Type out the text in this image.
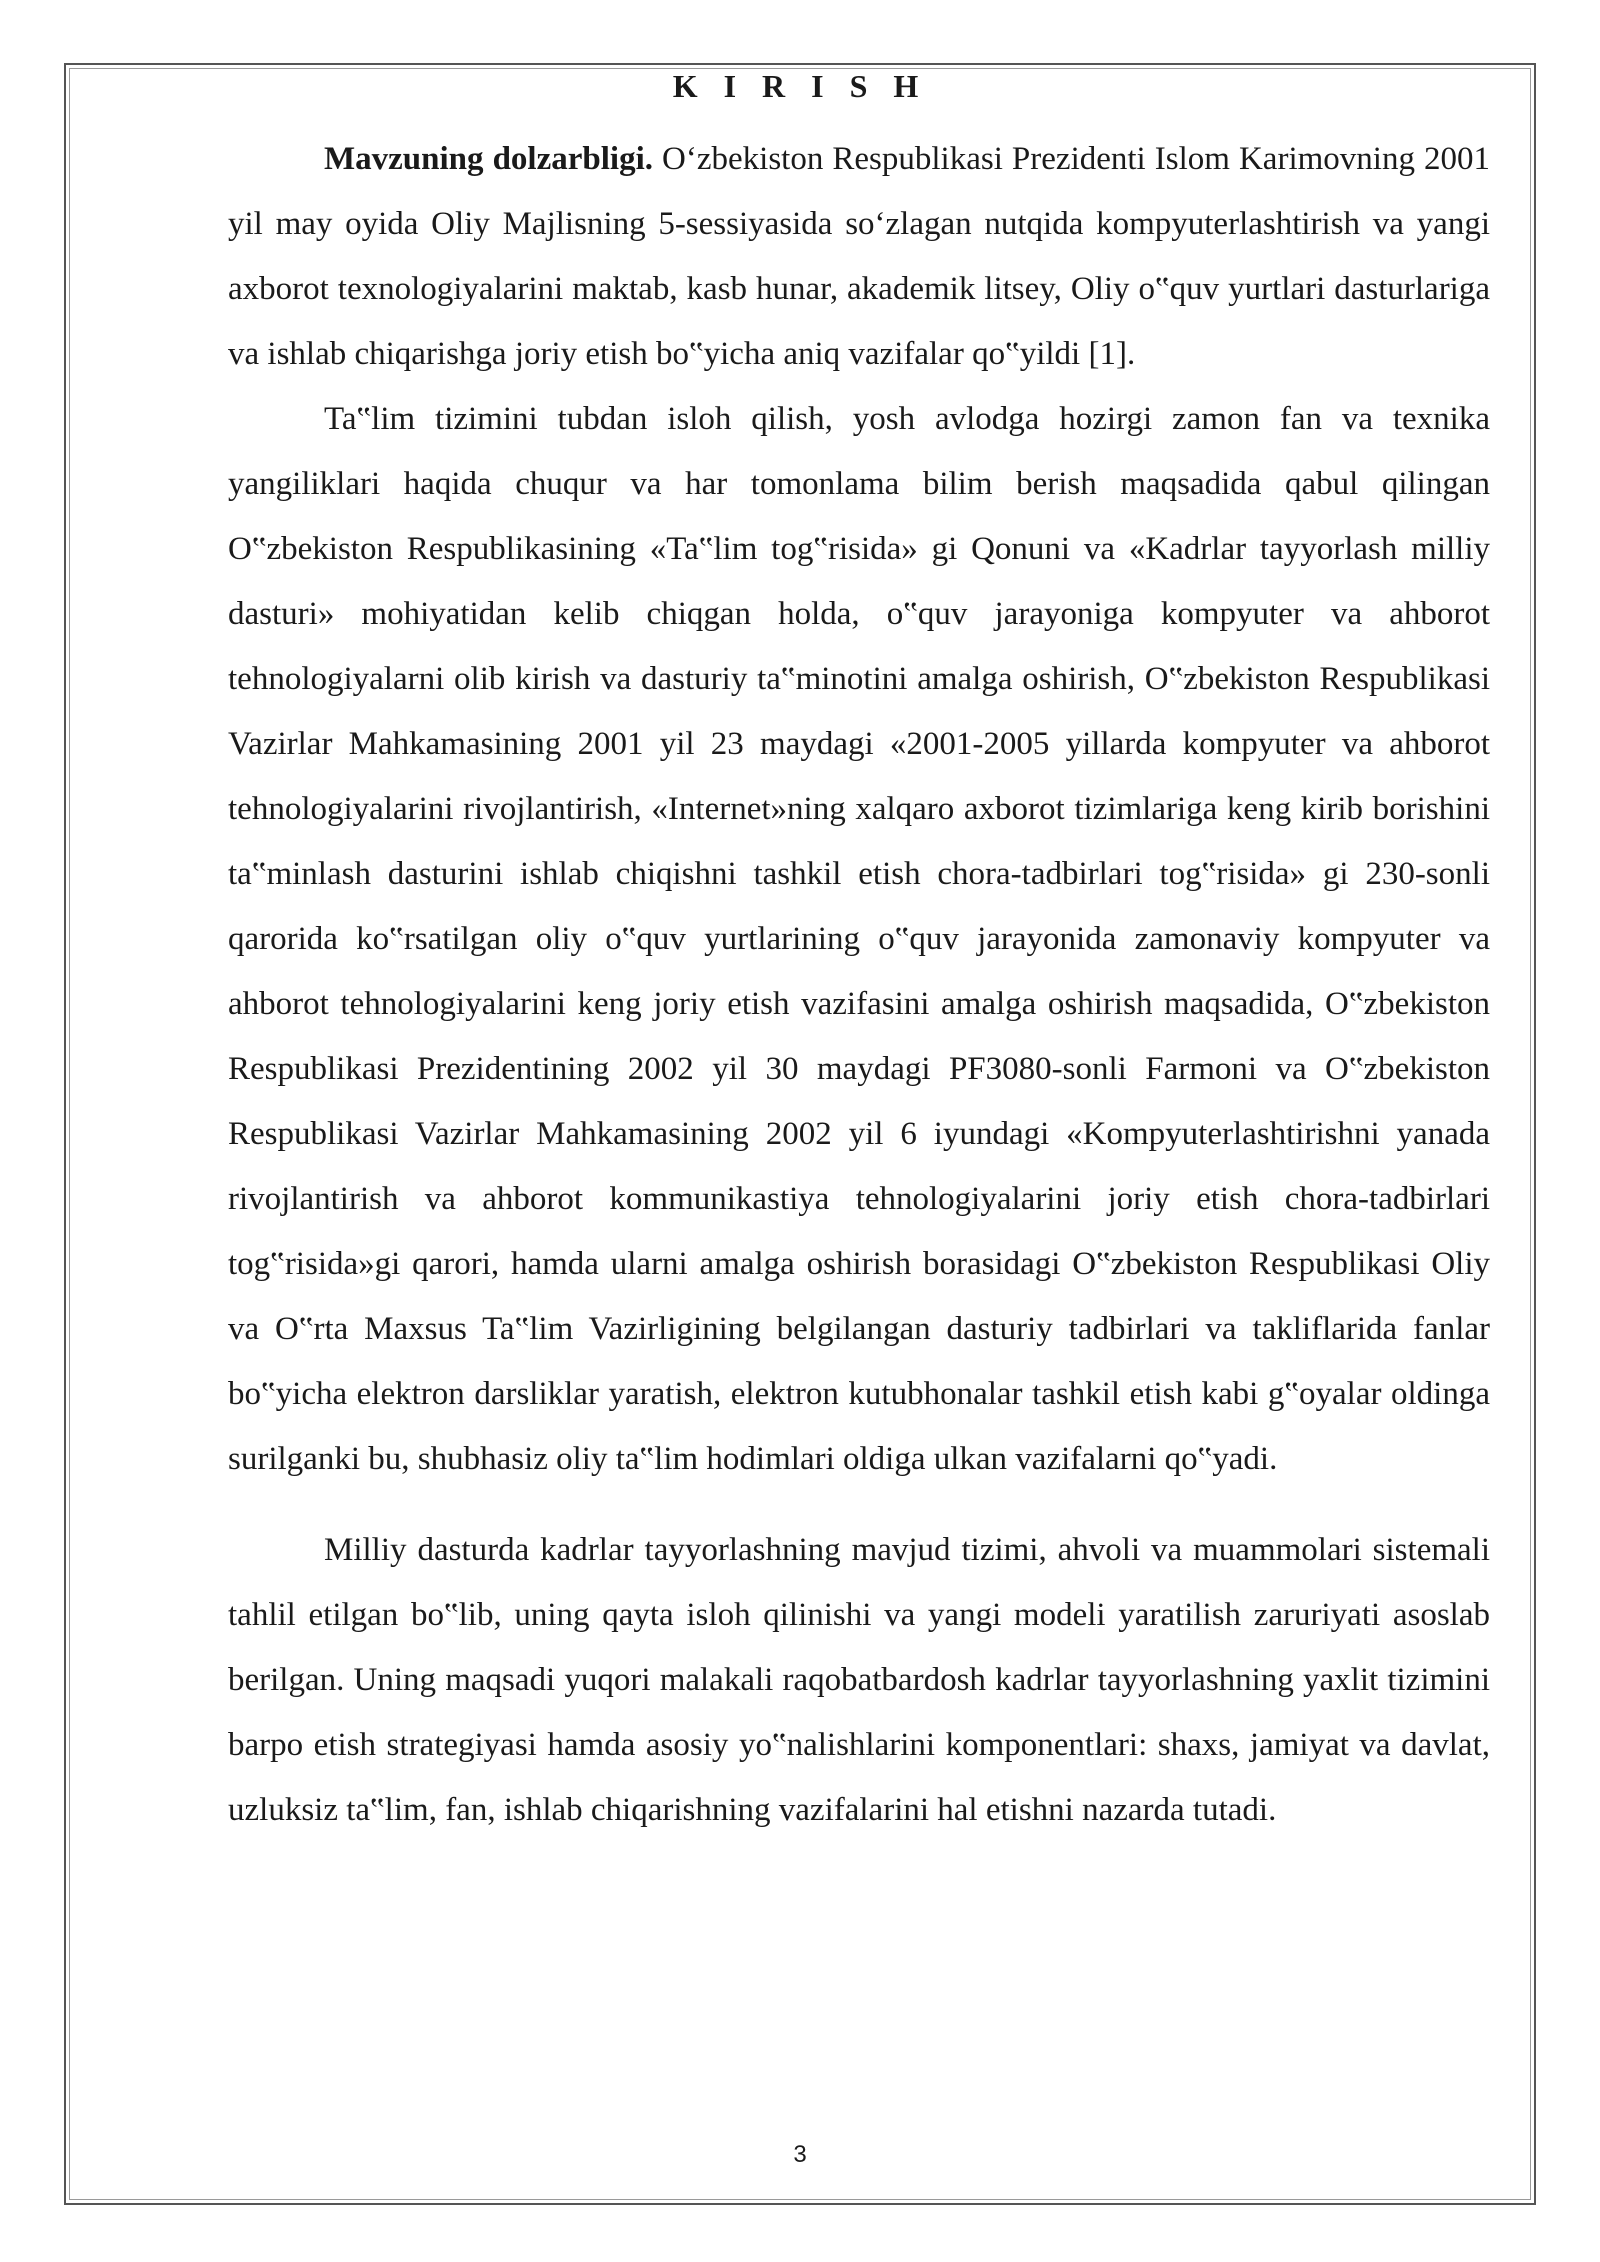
K I R I S H

Mavzuning dolzarbligi. O‘zbekiston Respublikasi Prezidenti Islom Karimovning 2001 yil may oyida Oliy Majlisning 5-sessiyasida so‘zlagan nutqida kompyuterlashtirish va yangi axborot texnologiyalarini maktab, kasb hunar, akademik litsey, Oliy o‟quv yurtlari dasturlariga va ishlab chiqarishga joriy etish bo‟yicha aniq vazifalar qo‟yildi [1].

Ta‟lim tizimini tubdan isloh qilish, yosh avlodga hozirgi zamon fan va texnika yangiliklari haqida chuqur va har tomonlama bilim berish maqsadida qabul qilingan O‟zbekiston Respublikasining «Ta‟lim tog‟risida» gi Qonuni va «Kadrlar tayyorlash milliy dasturi» mohiyatidan kelib chiqgan holda, o‟quv jarayoniga kompyuter va ahborot tehnologiyalarni olib kirish va dasturiy ta‟minotini amalga oshirish, O‟zbekiston Respublikasi Vazirlar Mahkamasining 2001 yil 23 maydagi «2001-2005 yillarda kompyuter va ahborot tehnologiyalarini rivojlantirish, «Internet»ning xalqaro axborot tizimlariga keng kirib borishini ta‟minlash dasturini ishlab chiqishni tashkil etish chora-tadbirlari tog‟risida» gi 230-sonli qarorida ko‟rsatilgan oliy o‟quv yurtlarining o‟quv jarayonida zamonaviy kompyuter va ahborot tehnologiyalarini keng joriy etish vazifasini amalga oshirish maqsadida, O‟zbekiston Respublikasi Prezidentining 2002 yil 30 maydagi PF3080-sonli Farmoni va O‟zbekiston Respublikasi Vazirlar Mahkamasining 2002 yil 6 iyundagi «Kompyuterlashtirishni yanada rivojlantirish va ahborot kommunikastiya tehnologiyalarini joriy etish chora-tadbirlari tog‟risida»gi qarori, hamda ularni amalga oshirish borasidagi O‟zbekiston Respublikasi Oliy va O‟rta Maxsus Ta‟lim Vazirligining belgilangan dasturiy tadbirlari va takliflarida fanlar bo‟yicha elektron darsliklar yaratish, elektron kutubhonalar tashkil etish kabi g‟oyalar oldinga surilganki bu, shubhasiz oliy ta‟lim hodimlari oldiga ulkan vazifalarni qo‟yadi.

Milliy dasturda kadrlar tayyorlashning mavjud tizimi, ahvoli va muammolari sistemali tahlil etilgan bo‟lib, uning qayta isloh qilinishi va yangi modeli yaratilish zaruriyati asoslab berilgan. Uning maqsadi yuqori malakali raqobatbardosh kadrlar tayyorlashning yaxlit tizimini barpo etish strategiyasi hamda asosiy yo‟nalishlarini komponentlari: shaxs, jamiyat va davlat, uzluksiz ta‟lim, fan, ishlab chiqarishning vazifalarini hal etishni nazarda tutadi.

3
